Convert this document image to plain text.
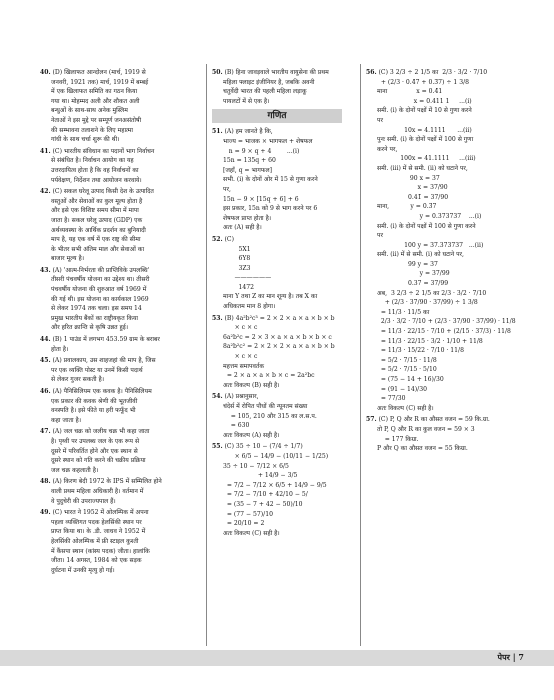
40. (D) खिलाफत आन्दोलन (मार्च, 1919 से
जनवरी, 1921 तक) मार्च, 1919 में बम्बई
में एक खिलाफत समिति का गठन किया
गया था। मोहम्मद अली और शौकत अली
बन्धुओं के साथ-साथ अनेक मुस्लिम
नेताओं ने इस मुद्दे पर सम्पूर्ण जनअसंतोषी
की सम्भावना तलाशने के लिए महात्मा
गांधी के साथ चर्चा शुरू की थी।
41. (C) भारतीय संविधान का पदानों भाग निर्वाचन
से संबंधित है। निर्वाचन आयोग का यह
उत्तरदायित्व होता है कि वह निर्वाचनों का
पर्यवेक्षण, निर्देशन तथा आयोजन करवाये।
42. (C) सकल घरेलू उत्पाद किसी देश के उत्पादित
वस्तुओं और सेवाओं का कुल मूल्य होता है
और इसे एक विशिष्ट समय सीमा में मापा
जाता है। सकल घरेलू उत्पाद (GDP) एक
अर्थव्यवस्था के आर्थिक प्रदर्शन का बुनियादी
माप है, यह एक वर्ष में एक राष्ट्र की सीमा
के भीतर सभी अंतिम माल और सेवाओं का
बाजार मूल्य है।
43. (A) 'आत्म-निर्भरता की प्राप्तिविके उपलब्धि'
तीसरी पंचवर्षीय योजना का उद्देश्य था। तीसरी
पंचवर्षीय योजना की शुरुआत वर्ष 1969 में
की गई थी। इस योजना का कार्यकाल 1969
से लेकर 1974 तक चला। इस समय 14
प्रमुख भारतीय बैंकों का राष्ट्रीयकृत किया
और हरित क्रान्ति से कृषि उन्नत हुई।
44. (B) 1 पाउंड में लगभग 453.59 ग्राम के बराबर
होता है।
45. (A) प्रवालकाय, उस शाहजहां की माप है, जिस
पर एक व्यक्ति पोस्ट या उनमें किसी पदार्थ
से लेकर गुजर सकती है।
46. (A) पैनिसिलियम एक कवक है। पैनिसिलियम
एक प्रकार की कवक श्रेणी की भूतजीवी
वनस्पति है। इसे फीते या हरी फफूँद भी
कहा जाता है।
47. (A) जल चक्र को जलीय चक्र भी कहा जाता
है। पृथ्वी पर उपलब्ध जल के एक रूप से
दूसरे में परिवर्तित होने और एक स्थान से
दूसरे स्थान को गति करने की चक्रीय प्रक्रिया
जल चक्र कहलाती है।
48. (A) किरण बेदी 1972 के IPS में सम्मिलित होने
वाली प्रथम महिला अधिकारी है। वर्तमान में
वे पुदुचेरी की उपराज्यपाल हैं।
49. (C) भारत ने 1952 में ओलम्पिक में अपना
पहला व्यक्तिगत पदक हेलसिंकी स्थान पर
प्राप्त किया था। के .डी. जाधव ने 1952 में
हेलसिंकी ओलम्पिक में फ्री स्टाइल कुश्ती
में कैंसपा स्थान (कांस्य पदक) जीता। हालांकि
जीता। 14 अगस्त, 1984 को एक सड़क
दुर्घटना में उनकी मृत्यु हो गई।
50. (B) हिना जावड़वाले भारतीय वायुसेना की प्रथम
महिला फ्लाइट इंजीनियर है, जबकि अवनी
चतुर्वेदी भारत की पहली महिला लड़ाकू
पायलटों में से एक है।
गणित
51. (A) हम जानते है कि,
भाज्य = भाजक × भागफल + शेषफल
n = 9 × q + 4        ...(i)
15n = 135q + 60
[जहाँ, q = भागफल]
सभी. (i) के दोनों ओर में 15 से गुणा करने
पर,
15n − 9 × [15q + 6] + 6
इस प्रकार, 15n को 9 से भाग करने पर 6
शेषफल प्राप्त होता है।
अतः (A) सही है।
52. (C)
5X1
6Y8
3Z3
——————
1472
माना Y तथा Z का मान शून्य है। तब X का
अधिकतम मान 8 होगा।
53. (B) 4a²b²c³ = 2 × 2 × a × a × b × b
× c × c
6a²b²c = 2 × 3 × a × a × b × b × c
8a²b²c² = 2 × 2 × 2 × a × a × b × b
× c × c
महत्तम समापवर्तक
= 2 × a × a × b × c = 2a²bc
अतः विकल्प (B) सही है।
54. (A) प्रश्नानुसार,
चंदेर्स में रोपित पौधों की न्यूनतम संख्या
= 105, 210 और 315 का ल.स.प.
= 630
अतः विकल्प (A) सही है।
55. (C) 35 ÷ 10 − (7/4 ÷ 1/7)
× 6/5 − 14/9 − (10/11 − 1/25)
35 ÷ 10 − 7/12 × 6/5
+ 14/9 − 3/5
= 7/2 − 7/12 × 6/5 + 14/9 − 9/5
= 7/2 − 7/10 + 42/10 − 5/
= (35 − 7 + 42 − 50)/10
= (77 − 57)/10
= 20/10 = 2
अतः विकल्प (C) सही है।
56. (C) 3 2/3 ÷ 2 1/5 का  2/3 · 3/2 · 7/10
+ (2/3 · 0.4̄7 + 0.3̄7) ÷ 1 3/8
माना               x = 0.4̄1
x = 0.411 1     ...(i)
समी. (i) के दोनों पक्षों में 10 से गुणा करने
पर
10x = 4.1111      ...(ii)
पुनः समी. (i) के दोनों पक्षों में 100 से गुणा
करने पर,
100x = 41.1111     ...(iii)
समी. (iii) में से समी. (ii) को घटाने पर,
90 x = 37
x = 37/90
0.41̄ = 37/90
माना,           y = 0.3̄7
y = 0.373737    ...(i)
समी. (i) के दोनों पक्षों में 100 से गुणा करने
पर
100 y = 37.373737   ...(ii)
समी. (ii) में से समी. (i) को घटाने पर,
99 y = 37
y = 37/99
0.37̄ = 37/99
अब,  3 2/3 ÷ 2 1/5 का 2/3 · 3/2 · 7/10
+ (2/3 · 37/90 · 37/99) ÷ 1 3/8
= 11/3 · 11/5 का
2/3 · 3/2 · 7/10 + (2/3 · 37/90 · 37/99) · 11/8
= 11/3 · 22/15 · 7/10 + (2/15 · 37/3) · 11/8
= 11/3 · 22/15 · 3/2 · 1/10 + 11/8
= 11/3 · 15/22 · 7/10 · 11/8
= 5/2 · 7/15 · 11/8
= 5/2 · 7/15 · 5/10
= (75 − 14 + 16)/30
= (91 − 14)/30
= 77/30
अतः विकल्प (C) सही है।
57. (C) P, Q और R का औसत वजन = 59 कि.ग्रा.
तो P, Q और R का कुल वजन = 59 × 3
= 177 किग्रा.
P और Q का औसत वजन = 55 किग्रा.
पेपर | 7
